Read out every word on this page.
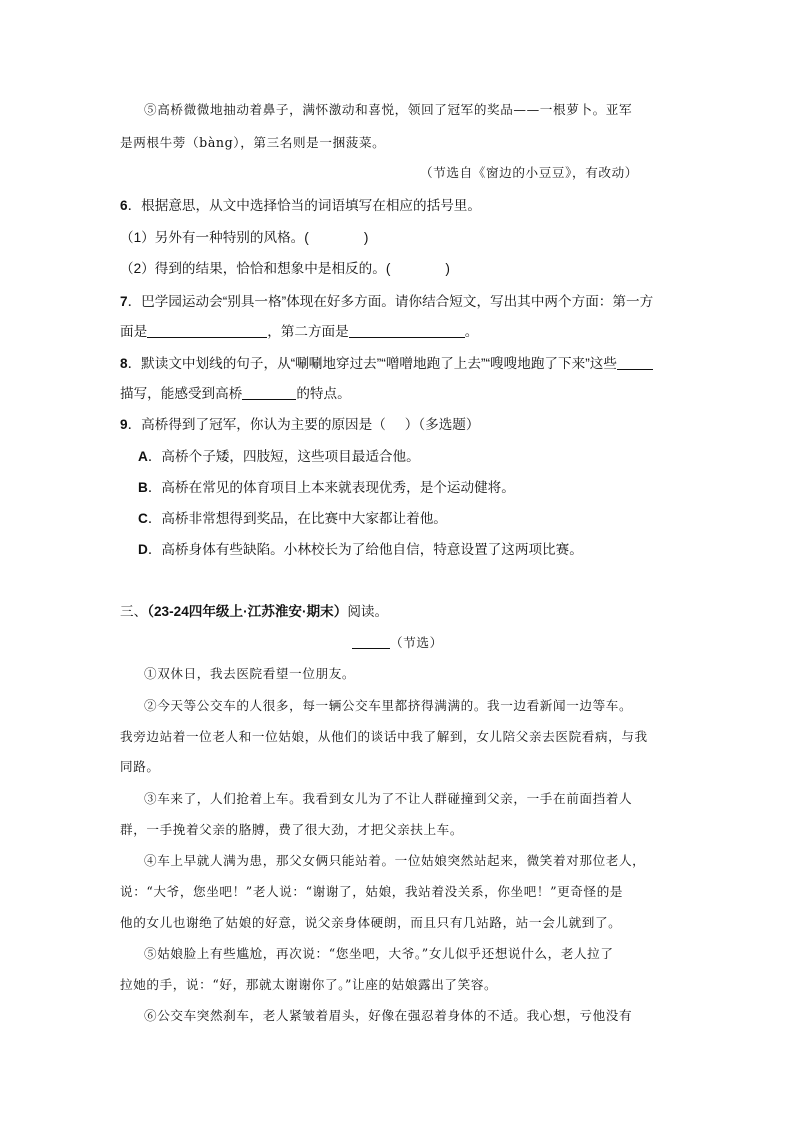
⑤高桥微微地抽动着鼻子，满怀激动和喜悦，领回了冠军的奖品——一根萝卜。亚军
是两根牛蒡（bàng），第三名则是一捆菠菜。
（节选自《窗边的小豆豆》，有改动）
6．根据意思，从文中选择恰当的词语填写在相应的括号里。
（1）另外有一种特别的风格。(	)
（2）得到的结果，恰恰和想象中是相反的。(	)
7．巴学园运动会“别具一格”体现在好多方面。请你结合短文，写出其中两个方面：第一方
面是	，第二方面是	。
8．默读文中划线的句子，从“唰唰地穿过去”“噌噌地跑了上去”“嗖嗖地跑了下来”这些
描写，能感受到高桥	的特点。
9．高桥得到了冠军，你认为主要的原因是（     ）（多选题）
A．高桥个子矮，四肢短，这些项目最适合他。
B．高桥在常见的体育项目上本来就表现优秀，是个运动健将。
C．高桥非常想得到奖品，在比赛中大家都让着他。
D．高桥身体有些缺陷。小林校长为了给他自信，特意设置了这两项比赛。
三、（23-24四年级上·江苏淮安·期末）阅读。
（节选）
①双休日，我去医院看望一位朋友。
②今天等公交车的人很多，每一辆公交车里都挤得满满的。我一边看新闻一边等车。
我旁边站着一位老人和一位姑娘，从他们的谈话中我了解到，女儿陪父亲去医院看病，与我
同路。
③车来了，人们抢着上车。我看到女儿为了不让人群碰撞到父亲，一手在前面挡着人
群，一手挽着父亲的胳膊，费了很大劲，才把父亲扶上车。
④车上早就人满为患，那父女俩只能站着。一位姑娘突然站起来，微笑着对那位老人，
说：“大爷，您坐吧！”老人说：“谢谢了，姑娘，我站着没关系，你坐吧！”更奇怪的是
他的女儿也谢绝了姑娘的好意，说父亲身体硬朗，而且只有几站路，站一会儿就到了。
⑤姑娘脸上有些尴尬，再次说：“您坐吧，大爷。”女儿似乎还想说什么，老人拉了
拉她的手，说：“好，那就太谢谢你了。”让座的姑娘露出了笑容。
⑥公交车突然刹车，老人紧皱着眉头，好像在强忍着身体的不适。我心想，亏他没有
